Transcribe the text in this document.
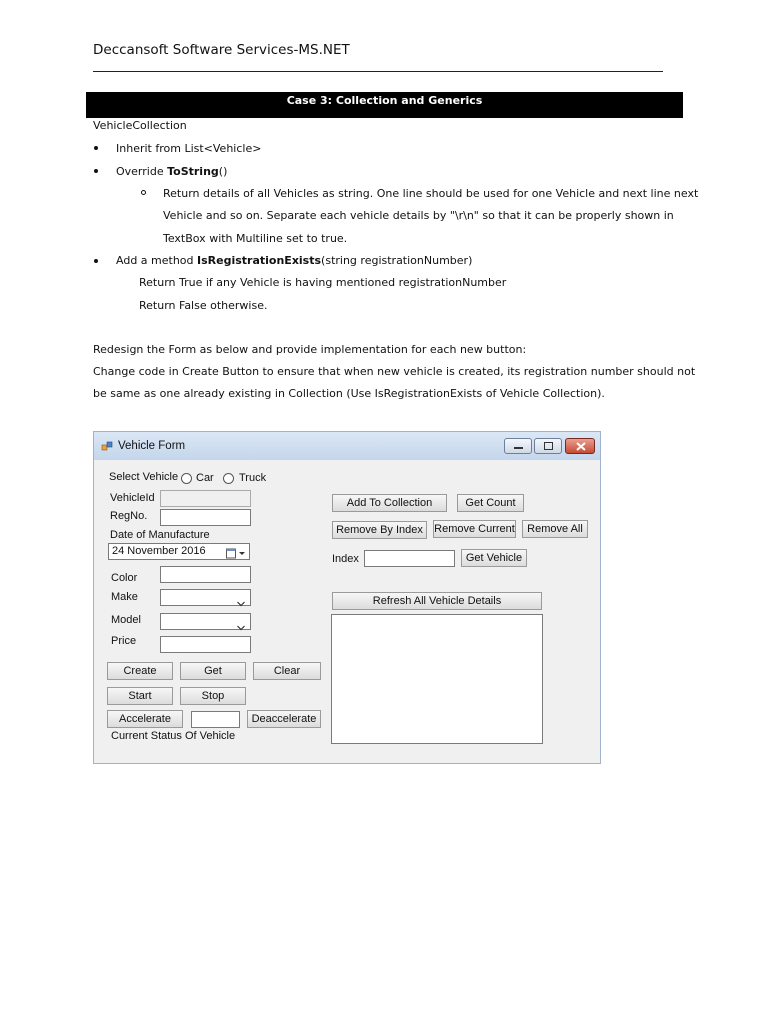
Deccansoft Software Services-MS.NET
Case 3: Collection and Generics
VehicleCollection
Inherit from List<Vehicle>
Override ToString()
Return details of all Vehicles as string. One line should be used for one Vehicle and next line next
Vehicle and so on. Separate each vehicle details by "\r\n" so that it can be properly shown in
TextBox with Multiline set to true.
Add a method IsRegistrationExists(string registrationNumber)
Return True if any Vehicle is having mentioned registrationNumber
Return False otherwise.
Redesign the Form as below and provide implementation for each new button:
Change code in Create Button to ensure that when new vehicle is created, its registration number should not
be same as one already existing in Collection (Use IsRegistrationExists of Vehicle Collection).
Vehicle Form
Select Vehicle Car Truck
VehicleId
RegNo.
Date of Manufacture
24 November 2016
Color
Make
Model
Price
Create	Get	Clear
Start	Stop
Accelerate	Deaccelerate
Current Status Of Vehicle
Add To Collection	Get Count
Remove By Index	Remove Current	Remove All
Index	Get Vehicle
Refresh All Vehicle Details
